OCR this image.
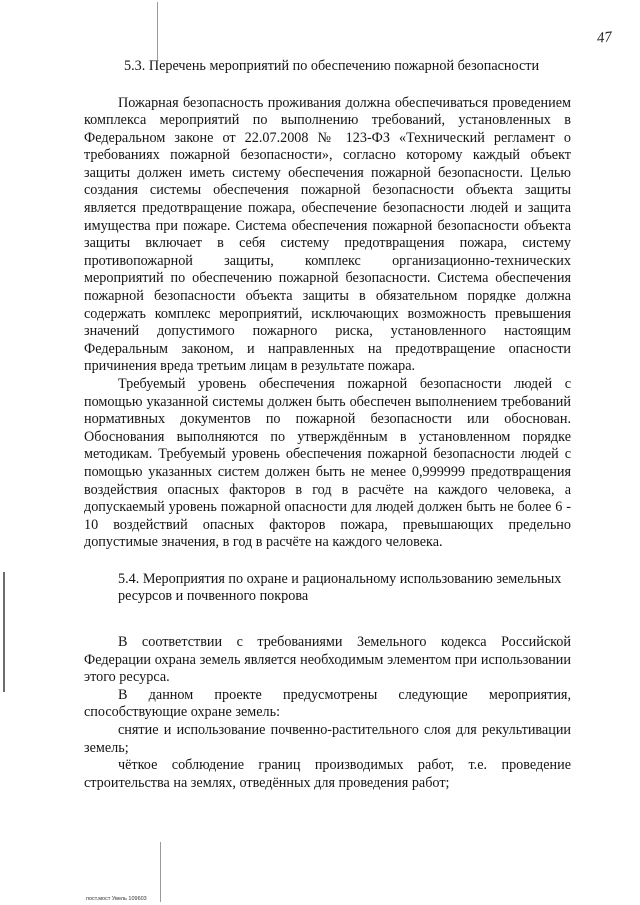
47

5.3. Перечень мероприятий по обеспечению пожарной безопасности

Пожарная безопасность проживания должна обеспечиваться проведением комплекса мероприятий по выполнению требований, установленных в Федеральном законе от 22.07.2008 № 123-ФЗ «Технический регламент о требованиях пожарной безопасности», согласно которому каждый объект защиты должен иметь систему обеспечения пожарной безопасности. Целью создания системы обеспечения пожарной безопасности объекта защиты является предотвращение пожара, обеспечение безопасности людей и защита имущества при пожаре. Система обеспечения пожарной безопасности объекта защиты включает в себя систему предотвращения пожара, систему противопожарной защиты, комплекс организационно-технических мероприятий по обеспечению пожарной безопасности. Система обеспечения пожарной безопасности объекта защиты в обязательном порядке должна содержать комплекс мероприятий, исключающих возможность превышения значений допустимого пожарного риска, установленного настоящим Федеральным законом, и направленных на предотвращение опасности причинения вреда третьим лицам в результате пожара.

Требуемый уровень обеспечения пожарной безопасности людей с помощью указанной системы должен быть обеспечен выполнением требований нормативных документов по пожарной безопасности или обоснован. Обоснования выполняются по утверждённым в установленном порядке методикам. Требуемый уровень обеспечения пожарной безопасности людей с помощью указанных систем должен быть не менее 0,999999 предотвращения воздействия опасных факторов в год в расчёте на каждого человека, а допускаемый уровень пожарной опасности для людей должен быть не более 6 - 10 воздействий опасных факторов пожара, превышающих предельно допустимые значения, в год в расчёте на каждого человека.

5.4. Мероприятия по охране и рациональному использованию земельных

ресурсов и почвенного покрова

В соответствии с требованиями Земельного кодекса Российской Федерации охрана земель является необходимым элементом при использовании этого ресурса.

В данном проекте предусмотрены следующие мероприятия, способствующие охране земель:

снятие и использование почвенно-растительного слоя для рекультивации земель;

чёткое соблюдение границ производимых работ, т.е. проведение строительства на землях, отведённых для проведения работ;

пост.мост Увель 109603
